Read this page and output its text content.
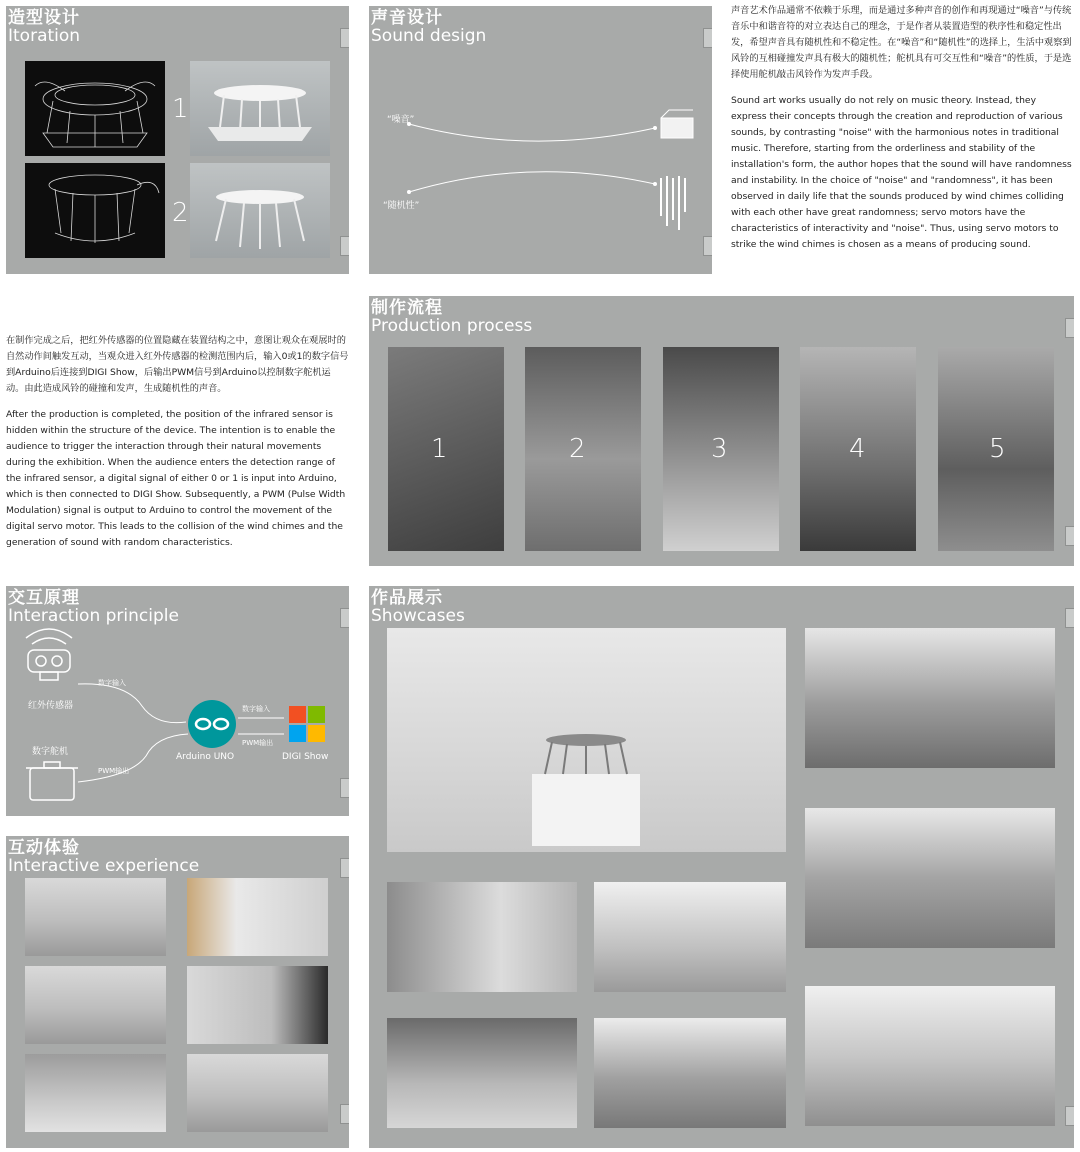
造型设计
Itoration
1
2
声音设计
Sound design
“噪音”
“随机性”

声音艺术作品通常不依赖于乐理，而是通过多种声音的创作和再现通过“噪音”与传统音乐中和谐音符的对立表达自己的理念，于是作者从装置造型的秩序性和稳定性出发，希望声音具有随机性和不稳定性。在“噪音”和“随机性”的选择上，生活中观察到风铃的互相碰撞发声具有极大的随机性；舵机具有可交互性和“噪音”的性质，于是选择使用舵机敲击风铃作为发声手段。

Sound art works usually do not rely on music theory. Instead, they express their concepts through the creation and reproduction of various sounds, by contrasting "noise" with the harmonious notes in traditional music. Therefore, starting from the orderliness and stability of the installation's form, the author hopes that the sound will have randomness and instability. In the choice of "noise" and "randomness", it has been observed in daily life that the sounds produced by wind chimes colliding with each other have great randomness; servo motors have the characteristics of interactivity and "noise". Thus, using servo motors to strike the wind chimes is chosen as a means of producing sound.

在制作完成之后，把红外传感器的位置隐藏在装置结构之中，意图让观众在观展时的自然动作间触发互动，当观众进入红外传感器的检测范围内后，输入0或1的数字信号到Arduino后连接到DIGI Show，后输出PWM信号到Arduino以控制数字舵机运动。由此造成风铃的碰撞和发声，生成随机性的声音。

After the production is completed, the position of the infrared sensor is hidden within the structure of the device. The intention is to enable the audience to trigger the interaction through their natural movements during the exhibition. When the audience enters the detection range of the infrared sensor, a digital signal of either 0 or 1 is input into Arduino, which is then connected to DIGI Show. Subsequently, a PWM (Pulse Width Modulation) signal is output to Arduino to control the movement of the digital servo motor. This leads to the collision of the wind chimes and the generation of sound with random characteristics.

制作流程
Production process
1	2	3	4	5
交互原理
Interaction principle
红外传感器
数字舵机	Arduino UNO	DIGI Show
数字输入
数字输入
PWM输出
PWM输出
互动体验
Interactive experience
作品展示
Showcases
